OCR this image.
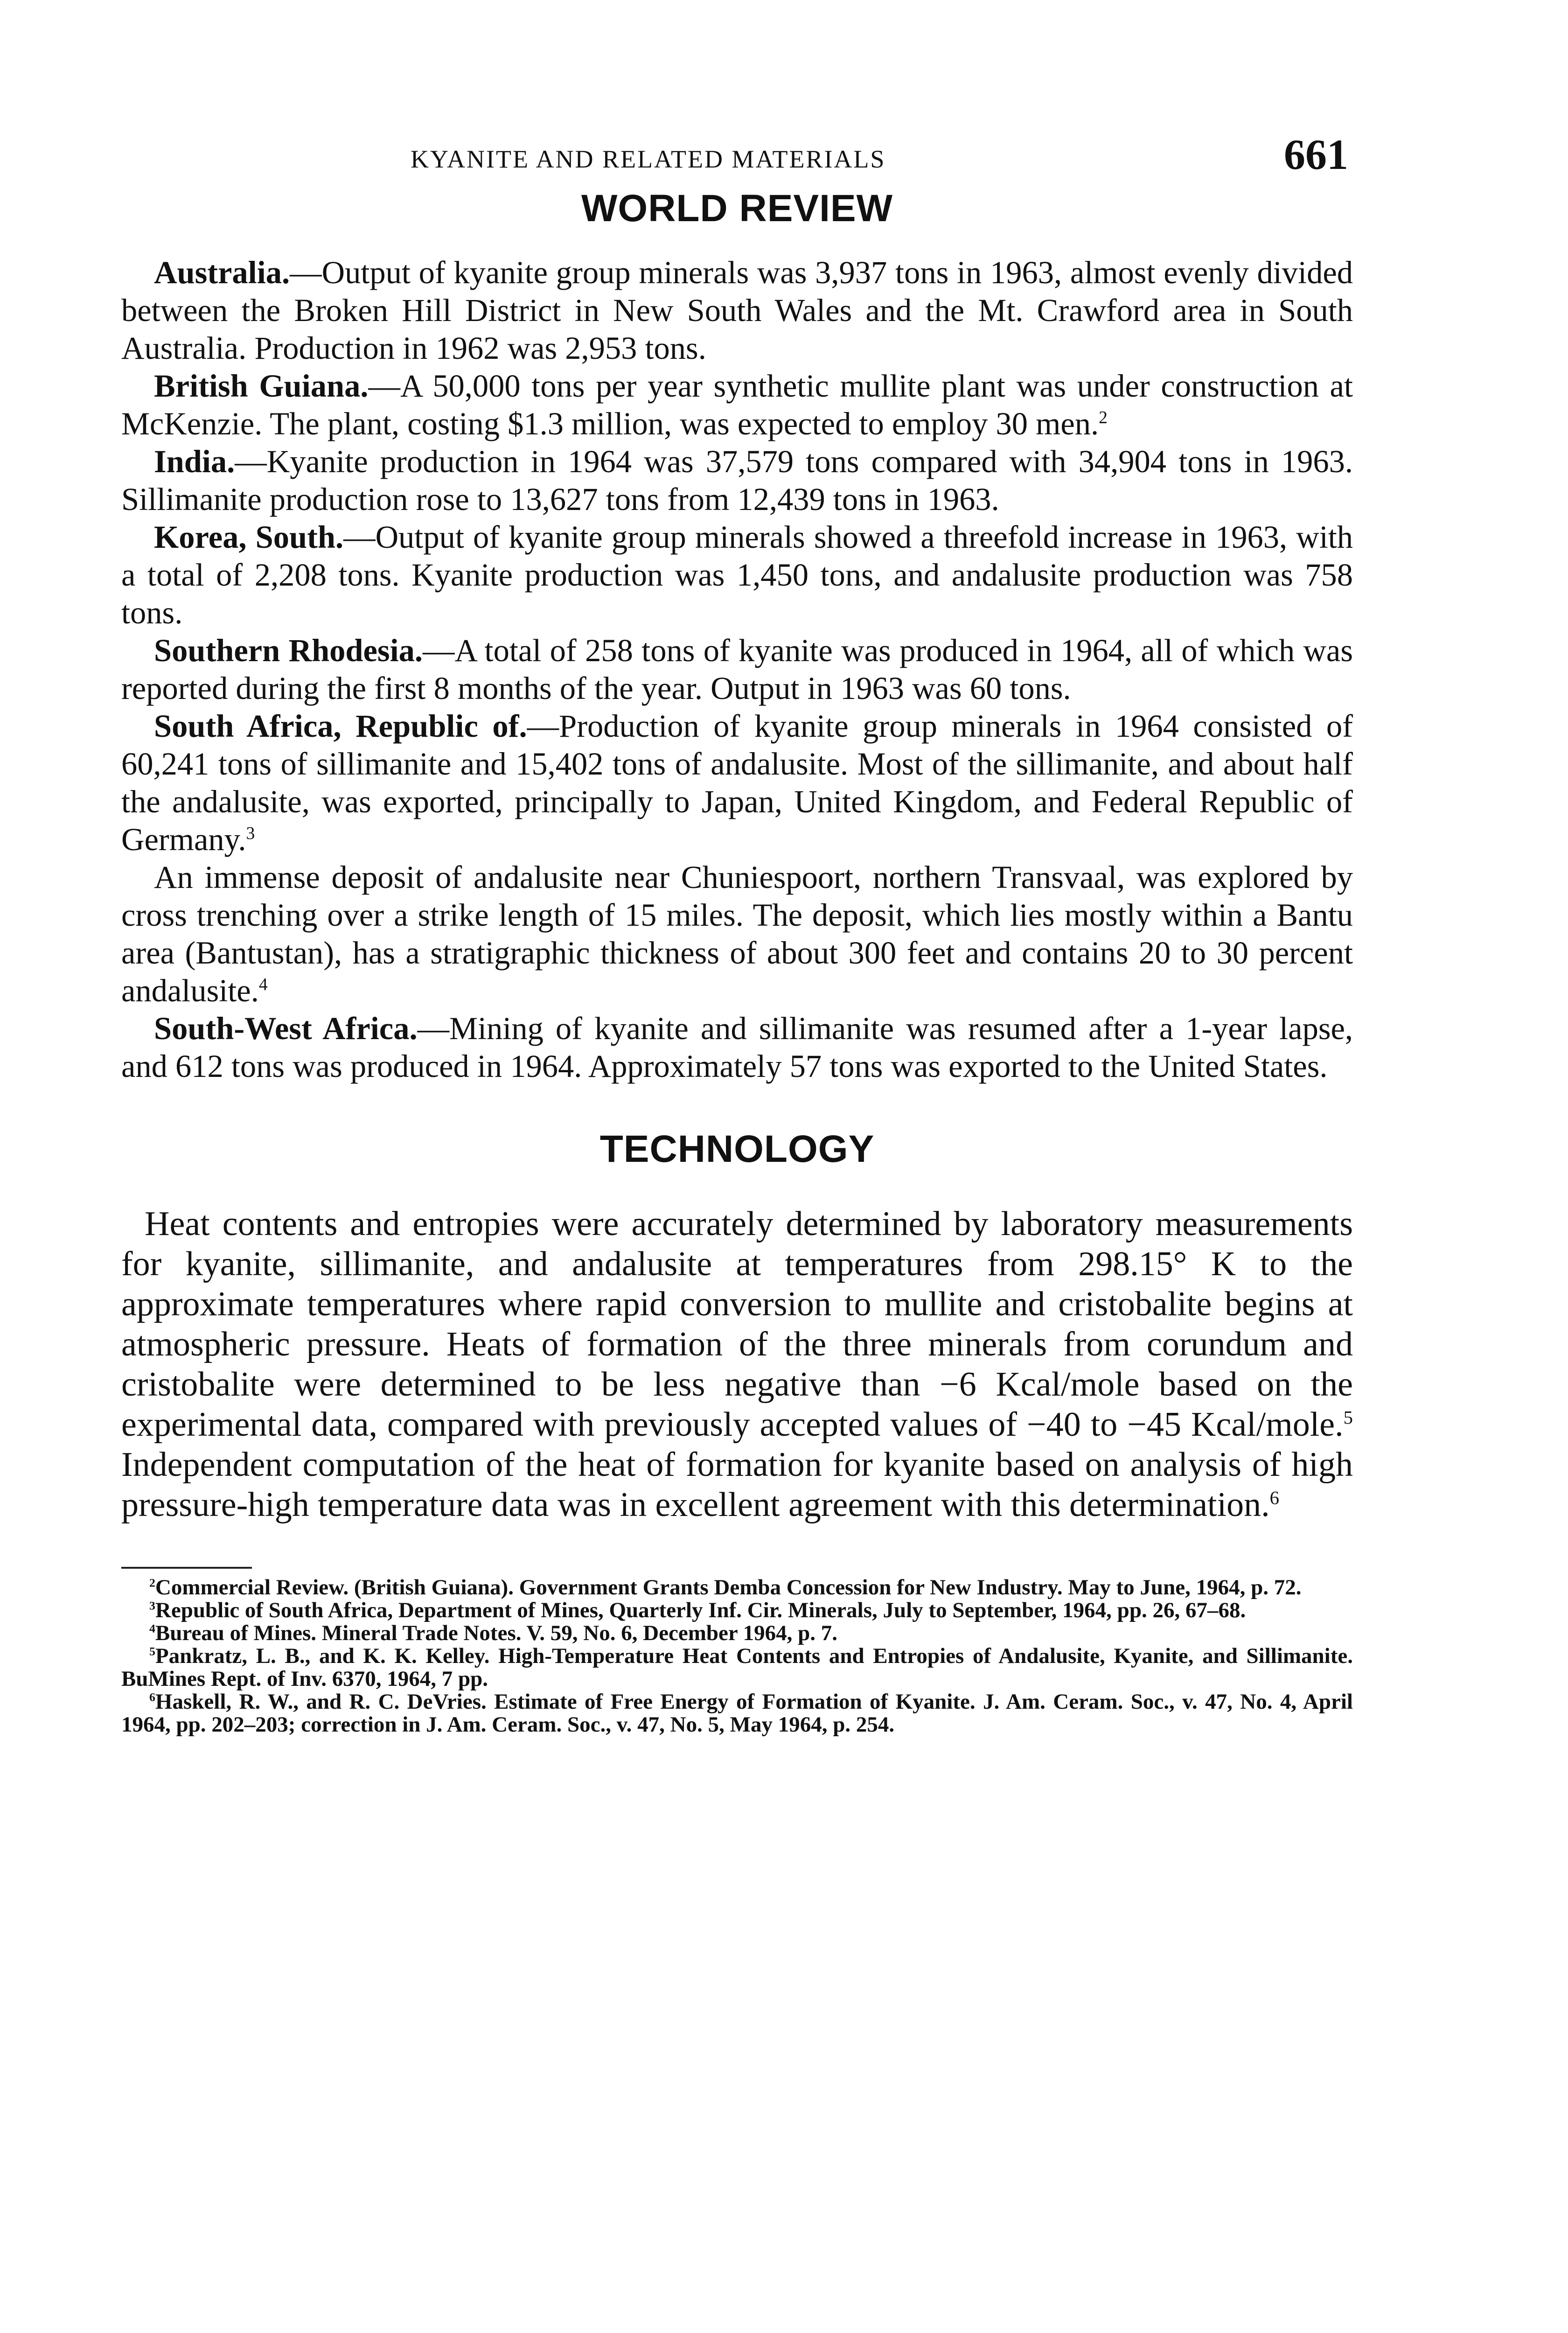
KYANITE AND RELATED MATERIALS	661
WORLD REVIEW

Australia.—Output of kyanite group minerals was 3,937 tons in 1963, almost evenly divided between the Broken Hill District in New South Wales and the Mt. Crawford area in South Australia. Production in 1962 was 2,953 tons.

British Guiana.—A 50,000 tons per year synthetic mullite plant was under construction at McKenzie. The plant, costing $1.3 million, was expected to employ 30 men.$^2$

India.—Kyanite production in 1964 was 37,579 tons compared with 34,904 tons in 1963. Sillimanite production rose to 13,627 tons from 12,439 tons in 1963.

Korea, South.—Output of kyanite group minerals showed a threefold increase in 1963, with a total of 2,208 tons. Kyanite production was 1,450 tons, and andalusite production was 758 tons.

Southern Rhodesia.—A total of 258 tons of kyanite was produced in 1964, all of which was reported during the first 8 months of the year. Output in 1963 was 60 tons.

South Africa, Republic of.—Production of kyanite group minerals in 1964 consisted of 60,241 tons of sillimanite and 15,402 tons of andalusite. Most of the sillimanite, and about half the andalusite, was exported, principally to Japan, United Kingdom, and Federal Republic of Germany.$^3$

An immense deposit of andalusite near Chuniespoort, northern Transvaal, was explored by cross trenching over a strike length of 15 miles. The deposit, which lies mostly within a Bantu area (Bantustan), has a stratigraphic thickness of about 300 feet and contains 20 to 30 percent andalusite.$^4$

South-West Africa.—Mining of kyanite and sillimanite was resumed after a 1-year lapse, and 612 tons was produced in 1964. Approximately 57 tons was exported to the United States.

TECHNOLOGY

Heat contents and entropies were accurately determined by laboratory measurements for kyanite, sillimanite, and andalusite at temperatures from 298.15° K to the approximate temperatures where rapid conversion to mullite and cristobalite begins at atmospheric pressure. Heats of formation of the three minerals from corundum and cristobalite were determined to be less negative than −6 Kcal/mole based on the experimental data, compared with previously accepted values of −40 to −45 Kcal/mole.$^5$ Independent computation of the heat of formation for kyanite based on analysis of high pressure-high temperature data was in excellent agreement with this determination.$^6$

$^2$Commercial Review. (British Guiana). Government Grants Demba Concession for New Industry. May to June, 1964, p. 72.

$^3$Republic of South Africa, Department of Mines, Quarterly Inf. Cir. Minerals, July to September, 1964, pp. 26, 67–68.

$^4$Bureau of Mines. Mineral Trade Notes. V. 59, No. 6, December 1964, p. 7.

$^5$Pankratz, L. B., and K. K. Kelley. High-Temperature Heat Contents and Entropies of Andalusite, Kyanite, and Sillimanite. BuMines Rept. of Inv. 6370, 1964, 7 pp.

$^6$Haskell, R. W., and R. C. DeVries. Estimate of Free Energy of Formation of Kyanite. J. Am. Ceram. Soc., v. 47, No. 4, April 1964, pp. 202–203; correction in J. Am. Ceram. Soc., v. 47, No. 5, May 1964, p. 254.
